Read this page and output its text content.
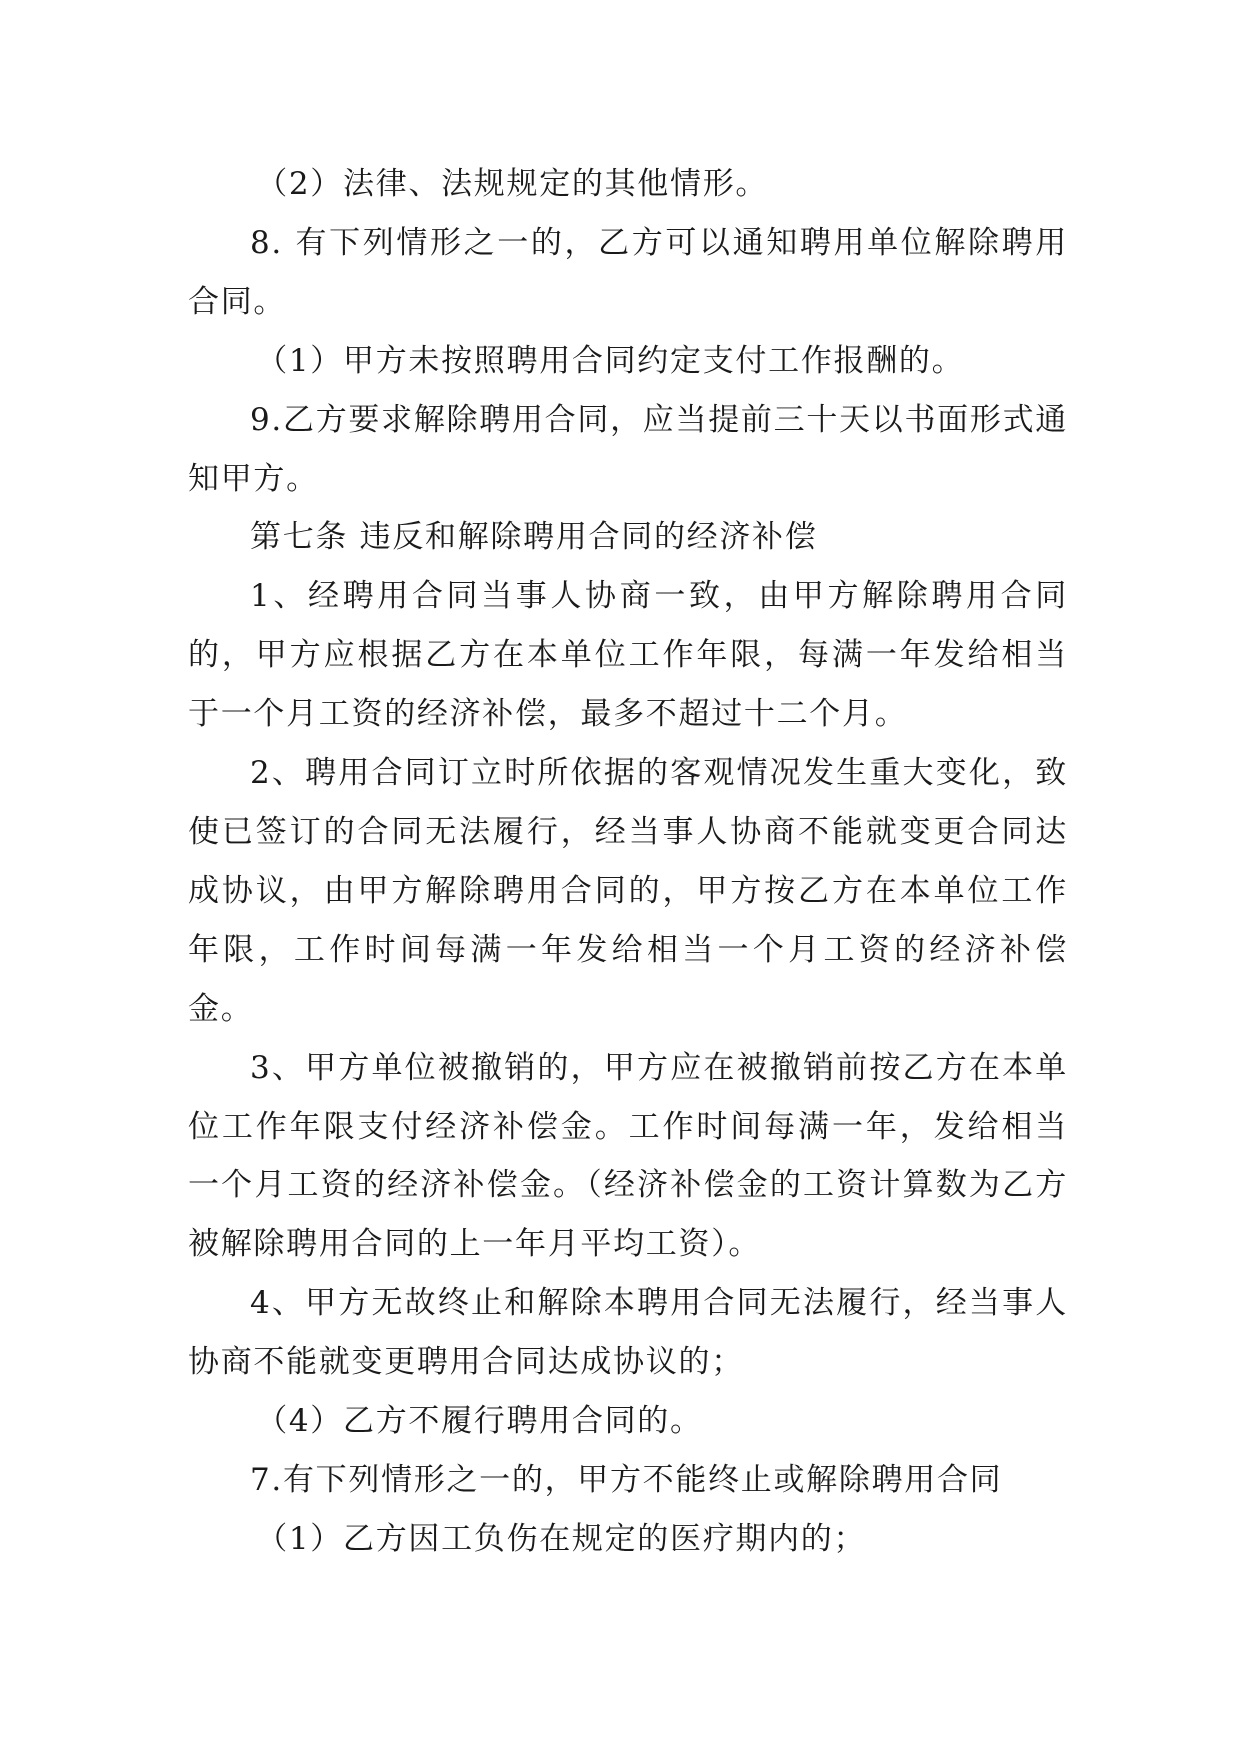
（2）法律、法规规定的其他情形。

8. 有下列情形之一的，乙方可以通知聘用单位解除聘用合同。

（1）甲方未按照聘用合同约定支付工作报酬的。

9.乙方要求解除聘用合同，应当提前三十天以书面形式通知甲方。

第七条 违反和解除聘用合同的经济补偿

1、经聘用合同当事人协商一致，由甲方解除聘用合同的，甲方应根据乙方在本单位工作年限，每满一年发给相当于一个月工资的经济补偿，最多不超过十二个月。

2、聘用合同订立时所依据的客观情况发生重大变化，致使已签订的合同无法履行，经当事人协商不能就变更合同达成协议，由甲方解除聘用合同的，甲方按乙方在本单位工作年限，工作时间每满一年发给相当一个月工资的经济补偿金。

3、甲方单位被撤销的，甲方应在被撤销前按乙方在本单位工作年限支付经济补偿金。工作时间每满一年，发给相当一个月工资的经济补偿金。（经济补偿金的工资计算数为乙方被解除聘用合同的上一年月平均工资）。

4、甲方无故终止和解除本聘用合同无法履行，经当事人协商不能就变更聘用合同达成协议的；

（4）乙方不履行聘用合同的。

7.有下列情形之一的，甲方不能终止或解除聘用合同

（1）乙方因工负伤在规定的医疗期内的；
